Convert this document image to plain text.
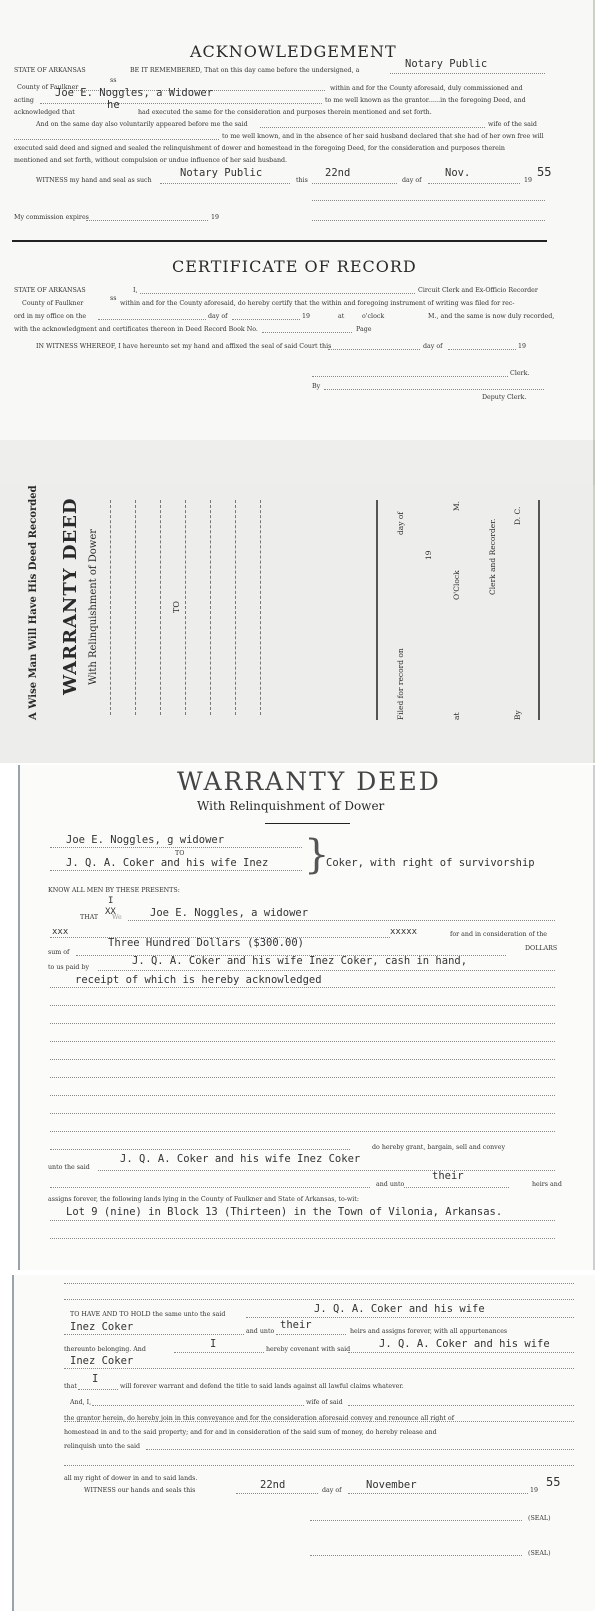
ACKNOWLEDGEMENT
STATE OF ARKANSAS
ss
County of Faulkner
BE IT REMEMBERED, That on this day came before the undersigned, a
Notary Public
within and for the County aforesaid, duly commissioned and
acting
Joe E. Noggles, a Widower
to me well known as the grantor......in the foregoing Deed, and
acknowledged that
he
had executed the same for the consideration and purposes therein mentioned and set forth.
And on the same day also voluntarily appeared before me the said	wife of the said
to me well known, and in the absence of her said husband declared that she had of her own free will
executed said deed and signed and sealed the relinquishment of dower and homestead in the foregoing Deed, for the consideration and purposes therein
mentioned and set forth, without compulsion or undue influence of her said husband.
WITNESS my hand and seal as such
Notary Public
this
22nd
day of
Nov.
19
55
My commission expires	19
CERTIFICATE OF RECORD
STATE OF ARKANSAS
ss
County of Faulkner
I,	Circuit Clerk and Ex-Officio Recorder
within and for the County aforesaid, do hereby certify that the within and foregoing instrument of writing was filed for rec-
ord in my office on the	day of	19	at	o'clock	M., and the same is now duly recorded,
with the acknowledgment and certificates thereon in Deed Record Book No.	Page
IN WITNESS WHEREOF, I have hereunto set my hand and affixed the seal of said Court this	day of	19
Clerk.
By
Deputy Clerk.
A Wise Man Will Have His Deed Recorded WARRANTY DEED With Relinquishment of Dower	TO
Filed for record on
day of
19
M.
at
O'Clock	Clerk and Recorder.
By
D. C.
WARRANTY DEED
With Relinquishment of Dower
Joe E. Noggles, g widower
TO
J. Q. A. Coker and his wife Inez }
Coker, with right of survivorship
KNOW ALL MEN BY THESE PRESENTS:
I
THAT
XX
We	Joe E. Noggles, a widower
xxx	xxxxx	for and in consideration of the
sum of
Three Hundred Dollars ($300.00)	DOLLARS
to us paid by
J. Q. A. Coker and his wife Inez Coker, cash in hand,
receipt of which is hereby acknowledged
do hereby grant, bargain, sell and convey
unto the said
J. Q. A. Coker and his wife Inez Coker
and unto
their
heirs and
assigns forever, the following lands lying in the County of Faulkner and State of Arkansas, to-wit:
Lot 9 (nine) in Block 13 (Thirteen) in the Town of Vilonia, Arkansas.
TO HAVE AND TO HOLD the same unto the said	J. Q. A. Coker and his wife
Inez Coker	and unto
their
heirs and assigns forever, with all appurtenances
thereunto belonging. And	I	hereby covenant with said	J. Q. A. Coker and his wife
Inez Coker
I
that	will forever warrant and defend the title to said lands against all lawful claims whatever.
And, I,	wife of said
the grantor herein, do hereby join in this conveyance and for the consideration aforesaid convey and renounce all right of
homestead in and to the said property; and for and in consideration of the said sum of money, do hereby release and
relinquish unto the said
all my right of dower in and to said lands.
WITNESS our hands and seals this	22nd	day of November	19
55
(SEAL)
(SEAL)
